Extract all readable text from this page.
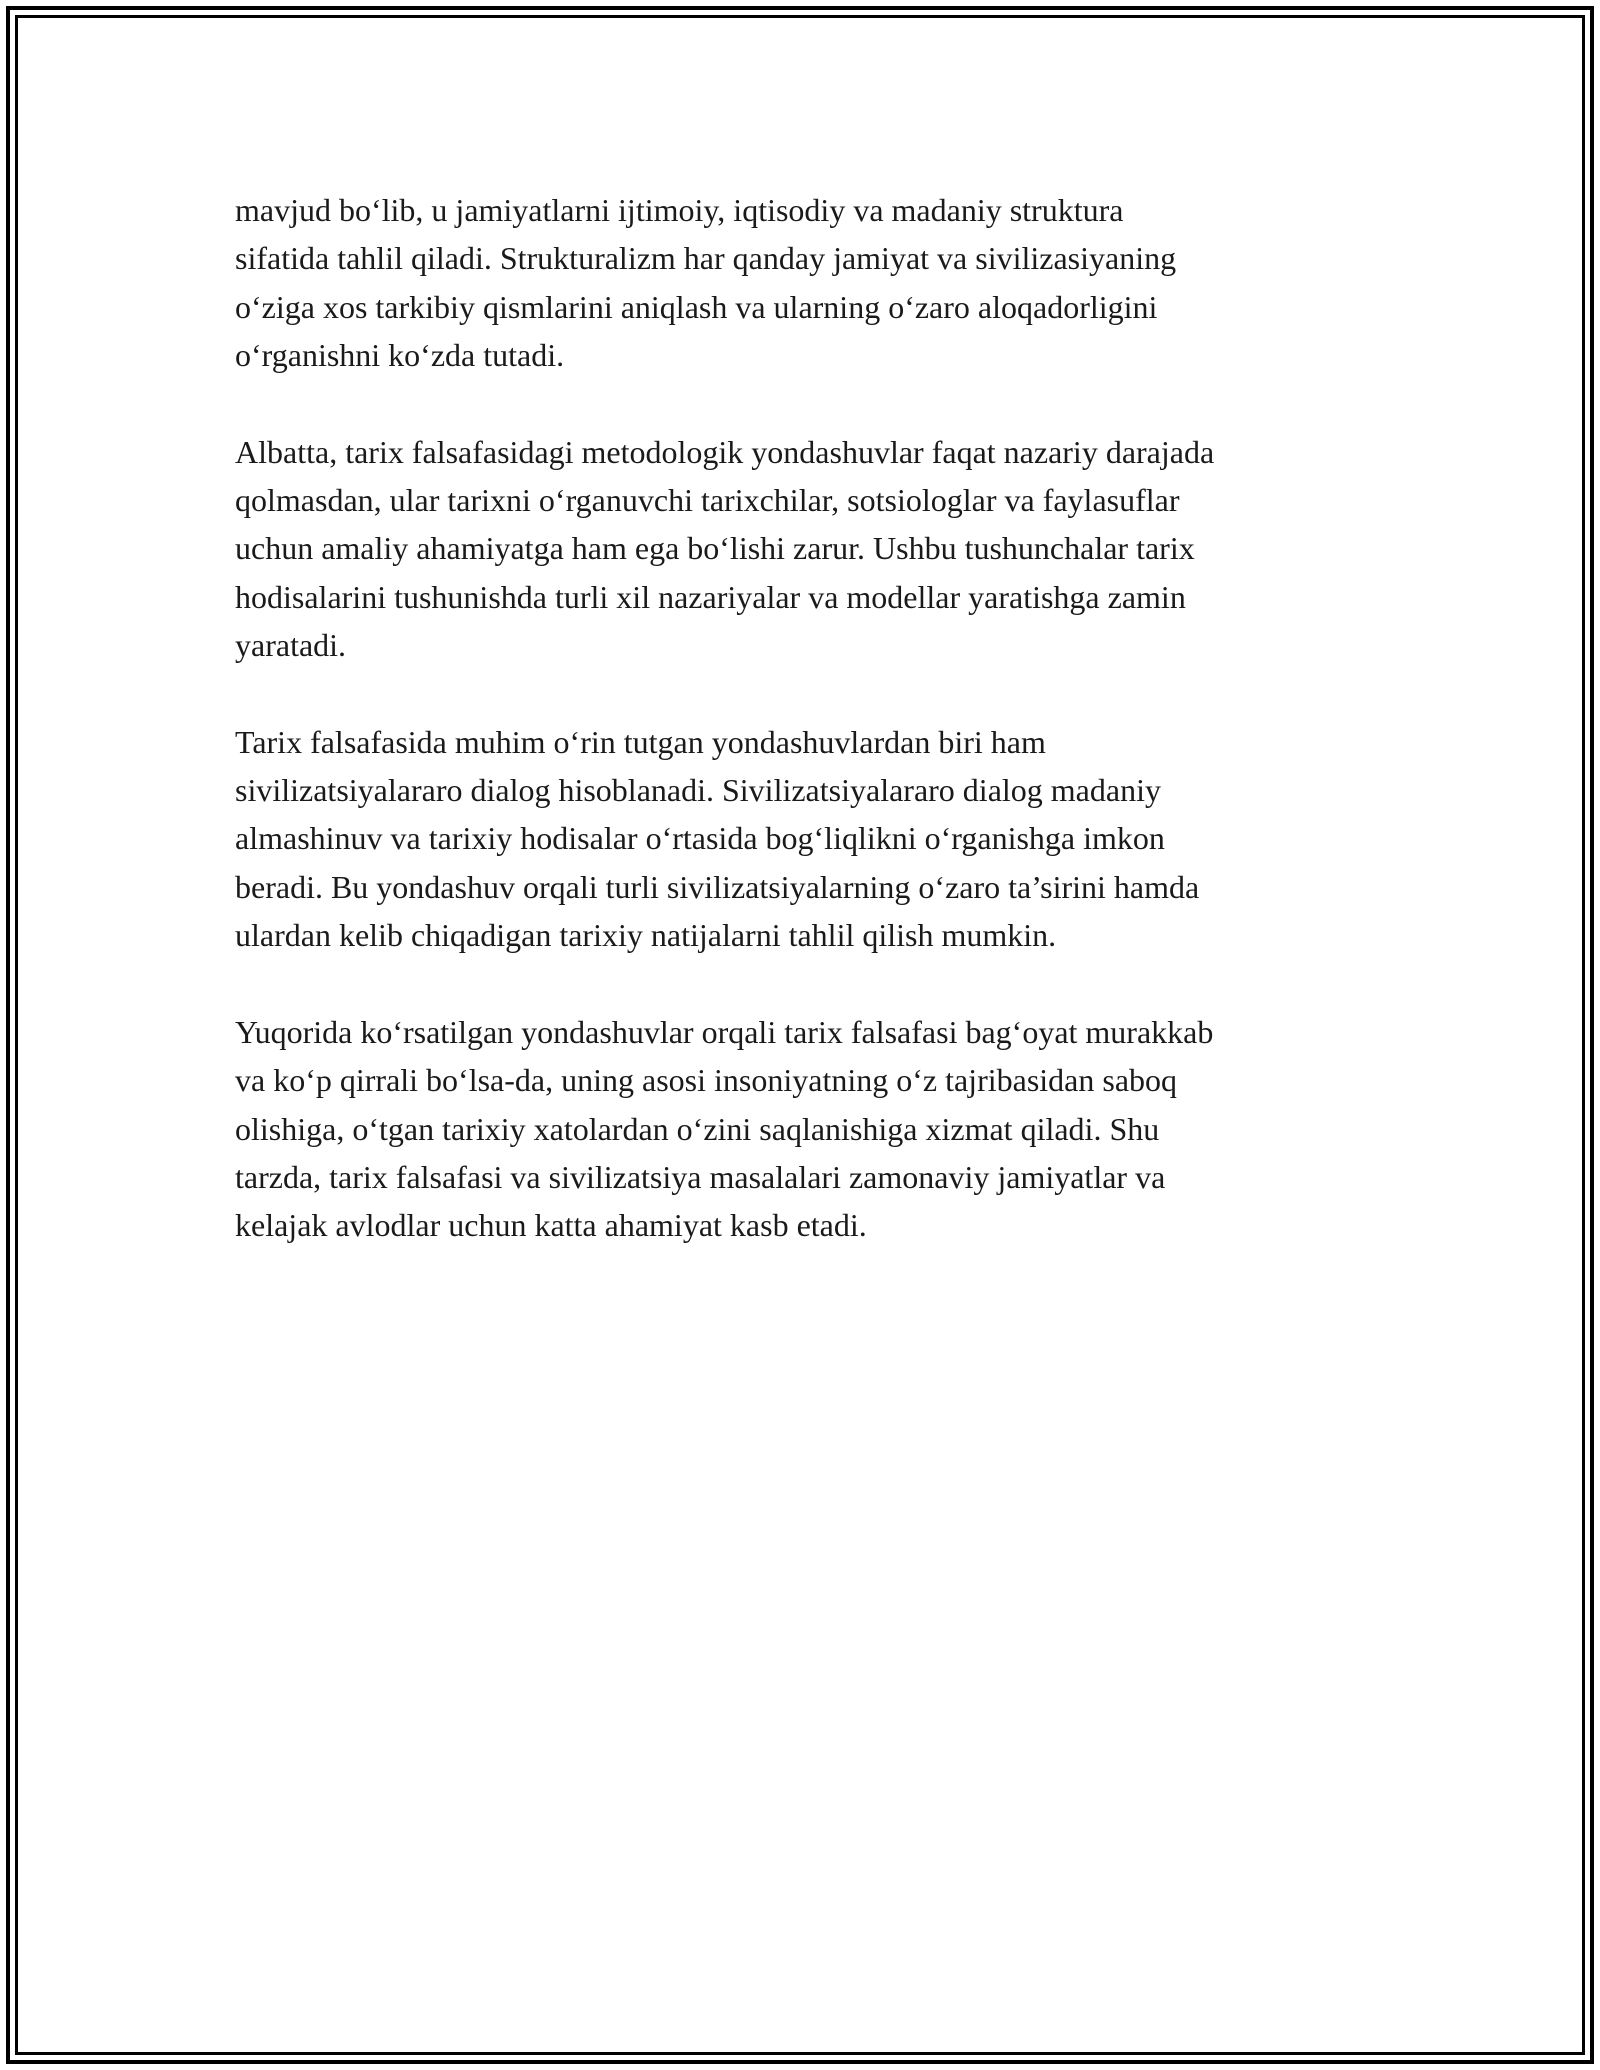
mavjud bo‘lib, u jamiyatlarni ijtimoiy, iqtisodiy va madaniy struktura
sifatida tahlil qiladi. Strukturalizm har qanday jamiyat va sivilizasiyaning
o‘ziga xos tarkibiy qismlarini aniqlash va ularning o‘zaro aloqadorligini
o‘rganishni ko‘zda tutadi.

Albatta, tarix falsafasidagi metodologik yondashuvlar faqat nazariy darajada
qolmasdan, ular tarixni o‘rganuvchi tarixchilar, sotsiologlar va faylasuflar
uchun amaliy ahamiyatga ham ega bo‘lishi zarur. Ushbu tushunchalar tarix
hodisalarini tushunishda turli xil nazariyalar va modellar yaratishga zamin
yaratadi.

Tarix falsafasida muhim o‘rin tutgan yondashuvlardan biri ham
sivilizatsiyalararo dialog hisoblanadi. Sivilizatsiyalararo dialog madaniy
almashinuv va tarixiy hodisalar o‘rtasida bog‘liqlikni o‘rganishga imkon
beradi. Bu yondashuv orqali turli sivilizatsiyalarning o‘zaro ta’sirini hamda
ulardan kelib chiqadigan tarixiy natijalarni tahlil qilish mumkin.

Yuqorida ko‘rsatilgan yondashuvlar orqali tarix falsafasi bag‘oyat murakkab
va ko‘p qirrali bo‘lsa-da, uning asosi insoniyatning o‘z tajribasidan saboq
olishiga, o‘tgan tarixiy xatolardan o‘zini saqlanishiga xizmat qiladi. Shu
tarzda, tarix falsafasi va sivilizatsiya masalalari zamonaviy jamiyatlar va
kelajak avlodlar uchun katta ahamiyat kasb etadi.
